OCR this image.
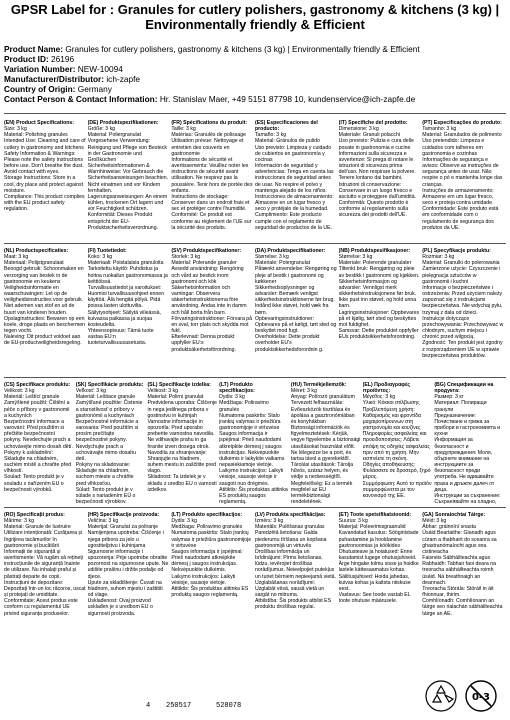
GPSR Label for : Granules for cutlery polishers, gastronomy & kitchens (3 kg) | Environmentally friendly & Efficient
Product Name: Granules for cutlery polishers, gastronomy & kitchens (3 kg) | Environmentally friendly & Efficient
Product ID: 26196
Variation Number: NEW-10094
Manufacturer/Distributor: ich-zapfe
Country of Origin: Germany
Contact Person & Contact Information: Hr. Stanislav Maer, +49 5151 87798 10, kundenservice@ich-zapfe.de
(EN) Product Specifications:
Size: 3 kg
Material: Polishing granules
Intended Use: Cleaning and care of cutlery in gastronomy and kitchens
Safety Information & Warnings: Please note the safety instructions before use. Don't breathe the dust. Avoid contact with eyes.
Storage Instructions: Store in a cool, dry place and protect against moisture.
Compliance: This product complies with the EU product safety regulation.
(DE) Produktspezifikationen:
Größe: 3 kg
Material: Poliergranulat
Vorgesehene Verwendung: Reinigung und Pflege von Besteck in der Gastronomie und Großküchen
Sicherheitsinformationen & Warnhinweise: Vor Gebrauch die Sicherheitsanweisungen beachten. Nicht einatmen und vor Kindern fernhalten.
Lagerungsanweisungen: An einem kühlen, trockenen Ort lagern und vor Feuchtigkeit schützen.
Konformität: Dieses Produkt entspricht der EU-Produktsicherheitsverordnung.
(FR) Spécifications du produit:
Taille: 3 kg
Matériau: Granulés de polissage
Utilisation prévue: Nettoyage et entretien des couverts en gastronomie
Informations de sécurité et avertissements: Veuillez noter les instructions de sécurité avant utilisation. Ne respirez pas la poussière. Tenir hors de portée des enfants.
Instructions de stockage: Conserver dans un endroit frais et sec et protéger contre l'humidité.
Conformité: Ce produit est conforme au règlement de l'UE sur la sécurité des produits.
(ES) Especificaciones del producto:
Tamaño: 3 kg
Material: Gránulos de pulido
Uso previsto: Limpieza y cuidado de cubiertos en gastronomía y cocinas
Información de seguridad y advertencias: Tenga en cuenta las instrucciones de seguridad antes de usar. No respire el polvo y mantenga alejado de los niños.
Instrucciones de almacenamiento: Almacene en un lugar fresco y seco y protéjalo de la humedad.
Cumplimiento: Este producto cumple con el reglamento de seguridad de productos de la UE.
(IT) Specifiche del prodotto:
Dimensione: 3 kg
Materiale: Granuli polacchi
Uso previsto: Pulizia e cura delle posate in gastronomia e cucine
Informazioni sulla sicurezza e avvertenze: Si prega di notare le istruzioni di sicurezza prima dell'uso. Non respirare la polvere. Tenere lontano dai bambini.
Istruzioni di conservazione: Conservare in un luogo fresco e asciutto e proteggere dall'umidità.
Conformità: Questo prodotto è conforme al regolamento sulla sicurezza dei prodotti dell'UE.
(PT) Especificações do produto:
Tamanho: 3 kg
Material: Granulados de polimento
Uso pretendido: Limpeza e cuidados com talheres em gastronomia e cozinhas
Informações de segurança e avisos: Observe as instruções de segurança antes de usar. Não respire o pó e mantenha longe das crianças.
Instruções de armazenamento: Armazene em um lugar fresco, seco e proteja contra umidade.
Conformidade: Este produto está em conformidade com o regulamento de segurança dos produtos da UE.
(NL) Productspecificaties:
Maat: 3 kg
Materiaal: Polijstgranulaat
Beoogd gebruik: Schoonmaken en verzorging van bestek in de gastronomie en keukens
Veiligheidsinformatie en waarschuwingen: Let op de veiligheidsinstructies voor gebruik. Niet ademen van stof en uit de buurt van kinderen houden.
Opslaginstructies: Bewaren op een koele, droge plaats en beschermen tegen vocht.
Naleving: Dit product voldoet aan de EU-productveiligheidsregeling.
(FI) Tuotetiedot:
Koko: 3 kg
Materiaali: Poistalaisia granuloita
Tarkoitettu käyttö: Puhdistus ja hoitoa ruokailun gastronomiassa ja keittiöissä
Turvallisuustiedot ja varoitukset: Huomioi turvallisuusohjeet ennen käyttöä. Älä hengitä pölyä. Pidä poissa lasten ulottuvilta.
Säilytysohjeet: Säilytä viileässä, kuivassa paikassa ja suojaa kosteudelta.
Yhteensopivuus: Tämä tuote vastaa EU:n tuoteturvallisuusasetusta.
(SV) Produktspecifikationer:
Storlek: 3 kg
Material: Polerande granuler
Avsedd användning: Rengöring och vård av bestick inom gastronomi och kök
Säkerhetsinformation och varningar: Observera säkerhetsinstruktionerna före användning. Andas inte in damm och håll borta från barn.
Förvaringsinstruktioner: Förvara på en sval, torr plats och skydda mot fukt.
Efterlevnad: Denna produkt uppfyller EU:s produktsäkerhetsförordning.
(DA) Produktspecifikationer:
Størrelse: 3 kg
Materiale: Polergranulat
Påtænkt anvendelse: Rengøring og pleje af bestik i gastronomi og køkkener
Sikkerhedsoplysninger og advarsler: Bemærk venligst sikkerhedsinstruktionerne før brug. Indånd ikke støvet, hold væk fra børn.
Opbevaringsinstruktioner: Opbevares på et køligt, tørt sted og beskyttet mod fugt.
Overholdelse: Dette produkt overholder EU's produktsikkerhedsforordnin g.
(NB) Produktspesifikasjoner:
Størrelse: 3 kg
Materiale: Polerende granulater
Tiltenkt bruk: Rengjøring og pleie av bestikk i gastronomi og kjøkken.
Sikkerhetsinformasjon og advarsler: Vennligst merk sikkerhetsinstruksjonene før bruk. Ikke pust inn støvet, og hold unna barn.
Lagringsinstruksjoner: Oppbevares på et kjølig, tørt sted og beskyttes mot fuktighet.
Samsvar: Dette produktet oppfyller EUs produktsikkerhetsforordning.
(PL) Specyfikacje produktu:
Rozmiar: 3 kg
Materiał: Granulki do polerowania
Zamierzone użycie: Czyszczenie i pielęgnacja sztućców w gastronomii i kuchni
Informacje o bezpieczeństwie i ostrzeżenia: Przed użyciem należy zapoznać się z instrukcjami bezpieczeństwa. Nie wdychaj pyłu, trzymaj z dala od dzieci.
Instrukcje dotyczące przechowywania: Przechowywać w chłodnym, suchym miejscu i chronić przed wilgocią.
Zgodność: Ten produkt jest zgodny z rozporządzeniem UE w sprawie bezpieczeństwa produktów.
(CS) Specifikace produktu:
Velikost: 3 kg
Materiál: Leštící granule
Zamýšlené použití: Čištění a péče o příbory v gastronomii a kuchyních
Bezpečnostní informace a varování: Před použitím si přečtěte bezpečnostní pokyny. Nevdechujte prach a uchovávejte mimo dosah dětí.
Pokyny k uskladnění: Skladujte na chladném, suchém místě a chraňte před vlhkostí.
Soulad: Tento produkt je v souladu s nařízením EU o bezpečnosti výrobků.
(SK) Špecifikácie produktu:
Veľkosť: 3 kg
Materiál: Leštiace granule
Zamýšľané použitie: Čistenie a starostlivosť o príbory v gastronómii a kuchyniach
Bezpečnostné informácie a varovania: Pred použitím si prosím prečítajte bezpečnostné pokyny. Nevdychujte prach a uchovávajte mimo dosahu detí.
Pokyny na skladovanie: Skladujte na chladnom, suchom mieste a chráňte pred vlhkosťou.
Súlad: Tento produkt je v súlade s nariadením EÚ o bezpečnosti výrobkov.
(SL) Specifikacije izdelka:
Velikost: 3 kg
Material: Polirni granulat
Predvidena uporaba: Čiščenje in nega jedilnega pribora v gostinstvu in kuhinjah
Varnostne informacije in opozorila: Pred uporabo preberite varnostna navodila. Ne vdihavajte prahu in ga hranite izven dosega otrok.
Navodila za shranjevanje: Shranjujte na hladnem, suhem mestu in zaščitite pred vlago.
Skladnost: Ta izdelek je v skladu z uredbo EU o varnosti izdelkov.
(LT) Produkto specifikacijos:
Dydis: 3 kg
Medžiaga: Poliravimo granulės
Numatoma paskirtis: Stalo įrankių valymas ir priežiūra gastronomijoje ir virtuvėse
Saugos informacija ir įspėjimai: Prieš naudodami atkreipkite dėmesį į saugos instrukcijas. Nekvėpuokite dulkėmis ir laikykite vaikams nepasiekiamoje vietoje.
Laikymo instrukcijos: Laikyti vėsioje, sausoje vietoje ir saugoti nuo drėgmės.
Atitiktis: Šis produktas atitinka ES produktų saugos reglamentą.
(HU) Termékjellemzők:
Méret: 3 kg
Anyag: Polírozó granulátum
Tervezett felhasználás: Evőeszközök tisztítása és ápolása a gasztronómiában és konyhákban
Biztonsági információk és figyelmeztetések: Kérjük, vegye figyelembe a biztonsági utasításokat használat előtt. Ne lélegezze be a port, és tartsa távol a gyerekektől.
Tárolási utasítások: Tárolja hűvös, száraz helyen, és védje a nedvességtől.
Megfelelőség: Ez a termék megfelel az EU termékbiztonsági rendeletének.
(EL) Προδιαγραφές προϊόντος:
Μέγεθος: 3 kg
Υλικό: Κόκκοι στίλβωσης
Προβλεπόμενη χρήση: Καθαρισμός και φροντίδα μαχαιροπίρουνων στη γαστρονομία και κουζίνες
Πληροφορίες ασφαλείας και προειδοποιήσεις: Λάβετε υπόψη τις οδηγίες ασφαλείας πριν από τη χρήση. Μην εισπνέετε τη σκόνη.
Οδηγίες αποθήκευσης: Φυλάσσετε σε δροσερό, ξηρό μέρος.
Συμμόρφωση: Αυτό το προϊόν συμμορφώνεται με τον κανονισμό της ΕΕ.
(BG) Спецификации на продукта:
Размер: 3 кг
Материал: Полиращи гранули
Предназначение: Почистване и грижа за прибори в гастрономията и кухни
Информация за безопасност и предупреждения: Моля, обърнете внимание на инструкциите за безопасност преди употреба. Не вдишвайте праха и дръжте далеч от деца.
Инструкции за съхранение: Съхранявайте на хладно,

(RO) Specificații produs:
Mărime: 3 kg
Material: Granule de lustruire
Utilizare intenționată: Curățarea și îngrijirea tacâmurilor în gastronomie și bucătării
Informații de siguranță și avertismente: Vă rugăm să rețineți instrucțiunile de siguranță înainte de utilizare. Nu inhalați praful și păstrați departe de copii.
Instrucțiuni de depozitare: Depozitați într-un loc răcoros, uscat și protejați de umiditate.
Conformitate: Acest produs este conform cu regulamentul UE privind siguranța produselor.
(HR) Specifikacije proizvoda:
Veličina: 3 kg
Materijal: Granulat za poliranje
Namijenjena upotreba: Čišćenje i njega pribora za jelo u ugostiteljstvu i kuhinjama
Sigurnosne informacije i upozorenja: Prije upotrebe obratite pozornost na sigurnosne upute. Ne udišite prašinu i držite podalje od djece.
Upute za skladištenje: Čuvati na hladnom, suhom mjestu i zaštititi od vlage.
Usklađenost: Ovaj proizvod usklađen je s uredbom EU o sigurnosti proizvoda.
(LT) Produkto specifikacijos:
Dydis: 3 kg
Medžiaga: Poliravimo granulės
Numatoma paskirtis: Stalo įrankių valymas ir priežiūra gastronomijoje ir virtuvėse
Saugos informacija ir įspėjimai: Prieš naudodami atkreipkite dėmesį į saugos instrukcijas. Nekvėpuokite dulkėmis.
Laikymo instrukcijos: Laikyti vėsioje, sausoje vietoje.
Atitiktis: Šis produktas atitinka ES produktų saugos reglamentą.
(LV) Produkta specifikācijas:
Izmērs: 3 kg
Materiāls: Pulēšanas granulas
Paredzētā lietošana: Galda piederumu tīrīšana un kopšana gastronomijā un virtuvēs
Drošības informācija un brīdinājumi: Pirms lietošanas, lūdzu, ievērojiet drošības norādījumus. Neieelpojiet putekļus un turiet bērniem nepieejamā vietā.
Uzglabāšanas norādījumi: Uzglabāt vēsā, sausā vietā un sargāt no mitruma.
Atbilstība: Šis produkts atbilst ES produktu drošības regulai.
(ET) Toote spetsifikatsioonid:
Suurus: 3 kg
Materjal: Poleerimisgraanulid
Kavandatud kasutus: Söögiriistade puhastamine ja hooldamine gastronoomias ja köökides
Ohutusteave ja hoiatused: Enne kasutamist lugege ohutusjuhiseid. Ärge hingake tolmu sisse ja hoidke lastele kättesaamatus kohas.
Säilitusjuhised: Hoida jahedas, kuivas kohas ja kaitsta niiskuse eest.
Vastavus: See toode vastab EL toote ohutuse määrusele.
(GA) Sonraíochtaí Táirge:
Méid: 3 kg
Ábhar: gráinníní snasta
Úsáid Beartaithe: Glanadh agus cúram a thabhairt do sceanra sa ghastranómaíocht agus sna cistineacha
Faisnéis Sábháilteachta agus Rabhaidh: Tabhair faoi deara na treoracha sábháilteachta roimh úsáid. Ná breathnaigh an deannach.
Treoracha Stórála: Stóráil in áit fhionnuar, thirim.
Comhlíonadh: Comhlíonann an táirge seo rialachán sábháilteachta táirge an AE.
4 250517	528078
0-3
